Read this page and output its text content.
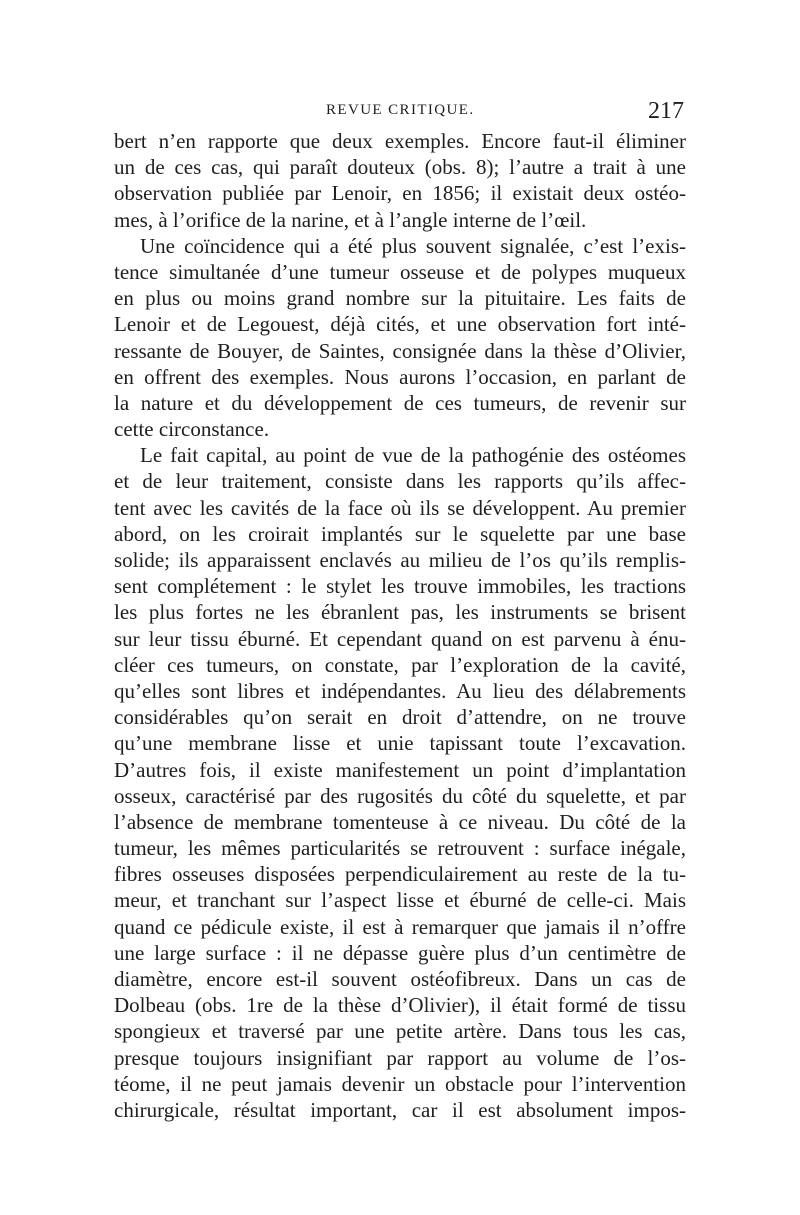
REVUE CRITIQUE.	217
bert n’en rapporte que deux exemples. Encore faut-il éliminer
un de ces cas, qui paraît douteux (obs. 8); l’autre a trait à une
observation publiée par Lenoir, en 1856; il existait deux ostéo-
mes, à l’orifice de la narine, et à l’angle interne de l’œil.
Une coïncidence qui a été plus souvent signalée, c’est l’exis-
tence simultanée d’une tumeur osseuse et de polypes muqueux
en plus ou moins grand nombre sur la pituitaire. Les faits de
Lenoir et de Legouest, déjà cités, et une observation fort inté-
ressante de Bouyer, de Saintes, consignée dans la thèse d’Olivier,
en offrent des exemples. Nous aurons l’occasion, en parlant de
la nature et du développement de ces tumeurs, de revenir sur
cette circonstance.
Le fait capital, au point de vue de la pathogénie des ostéomes
et de leur traitement, consiste dans les rapports qu’ils affec-
tent avec les cavités de la face où ils se développent. Au premier
abord, on les croirait implantés sur le squelette par une base
solide; ils apparaissent enclavés au milieu de l’os qu’ils remplis-
sent complétement : le stylet les trouve immobiles, les tractions
les plus fortes ne les ébranlent pas, les instruments se brisent
sur leur tissu éburné. Et cependant quand on est parvenu à énu-
cléer ces tumeurs, on constate, par l’exploration de la cavité,
qu’elles sont libres et indépendantes. Au lieu des délabrements
considérables qu’on serait en droit d’attendre, on ne trouve
qu’une membrane lisse et unie tapissant toute l’excavation.
D’autres fois, il existe manifestement un point d’implantation
osseux, caractérisé par des rugosités du côté du squelette, et par
l’absence de membrane tomenteuse à ce niveau. Du côté de la
tumeur, les mêmes particularités se retrouvent : surface inégale,
fibres osseuses disposées perpendiculairement au reste de la tu-
meur, et tranchant sur l’aspect lisse et éburné de celle-ci. Mais
quand ce pédicule existe, il est à remarquer que jamais il n’offre
une large surface : il ne dépasse guère plus d’un centimètre de
diamètre, encore est-il souvent ostéofibreux. Dans un cas de
Dolbeau (obs. 1re de la thèse d’Olivier), il était formé de tissu
spongieux et traversé par une petite artère. Dans tous les cas,
presque toujours insignifiant par rapport au volume de l’os-
téome, il ne peut jamais devenir un obstacle pour l’intervention
chirurgicale, résultat important, car il est absolument impos-
